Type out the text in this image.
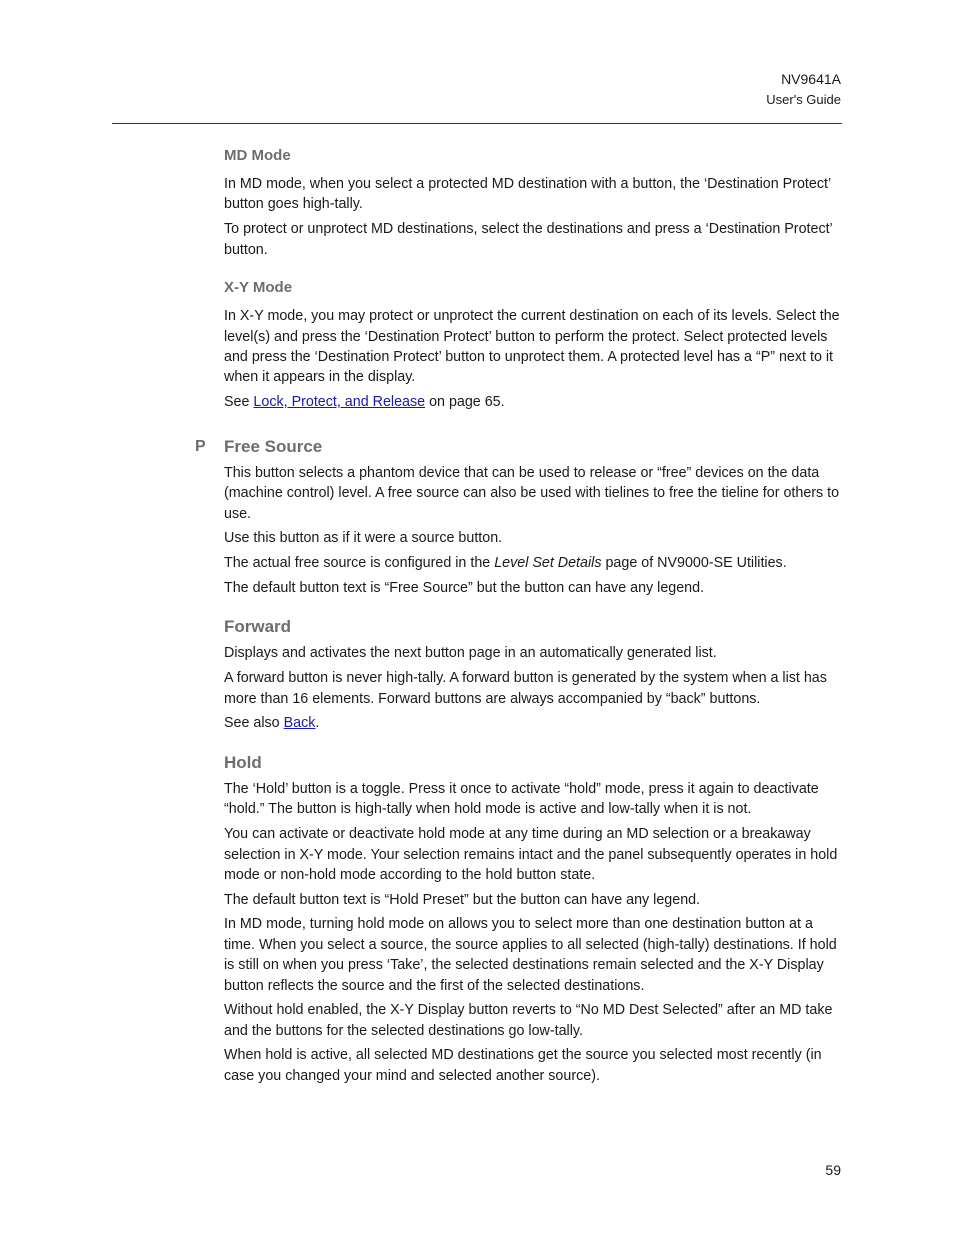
NV9641A
User's Guide
MD Mode

In MD mode, when you select a protected MD destination with a button, the ‘Destination Protect’ button goes high-tally.

To protect or unprotect MD destinations, select the destinations and press a ‘Destination Protect’ button.

X-Y Mode

In X-Y mode, you may protect or unprotect the current destination on each of its levels. Select the level(s) and press the ‘Destination Protect’ button to perform the protect. Select protected levels and press the ‘Destination Protect’ button to unprotect them. A protected level has a “P” next to it when it appears in the display.

See Lock, Protect, and Release on page 65.

P Free Source

This button selects a phantom device that can be used to release or “free” devices on the data (machine control) level. A free source can also be used with tielines to free the tieline for others to use.

Use this button as if it were a source button.

The actual free source is configured in the Level Set Details page of NV9000-SE Utilities.

The default button text is “Free Source” but the button can have any legend.

Forward

Displays and activates the next button page in an automatically generated list.

A forward button is never high-tally. A forward button is generated by the system when a list has more than 16 elements. Forward buttons are always accompanied by “back” buttons.

See also Back.

Hold

The ‘Hold’ button is a toggle. Press it once to activate “hold” mode, press it again to deactivate “hold.” The button is high-tally when hold mode is active and low-tally when it is not.

You can activate or deactivate hold mode at any time during an MD selection or a breakaway selection in X-Y mode. Your selection remains intact and the panel subsequently operates in hold mode or non-hold mode according to the hold button state.

The default button text is “Hold Preset” but the button can have any legend.

In MD mode, turning hold mode on allows you to select more than one destination button at a time. When you select a source, the source applies to all selected (high-tally) destinations. If hold is still on when you press ‘Take’, the selected destinations remain selected and the X-Y Display button reflects the source and the first of the selected destinations.

Without hold enabled, the X-Y Display button reverts to “No MD Dest Selected” after an MD take and the buttons for the selected destinations go low-tally.

When hold is active, all selected MD destinations get the source you selected most recently (in case you changed your mind and selected another source).

59
